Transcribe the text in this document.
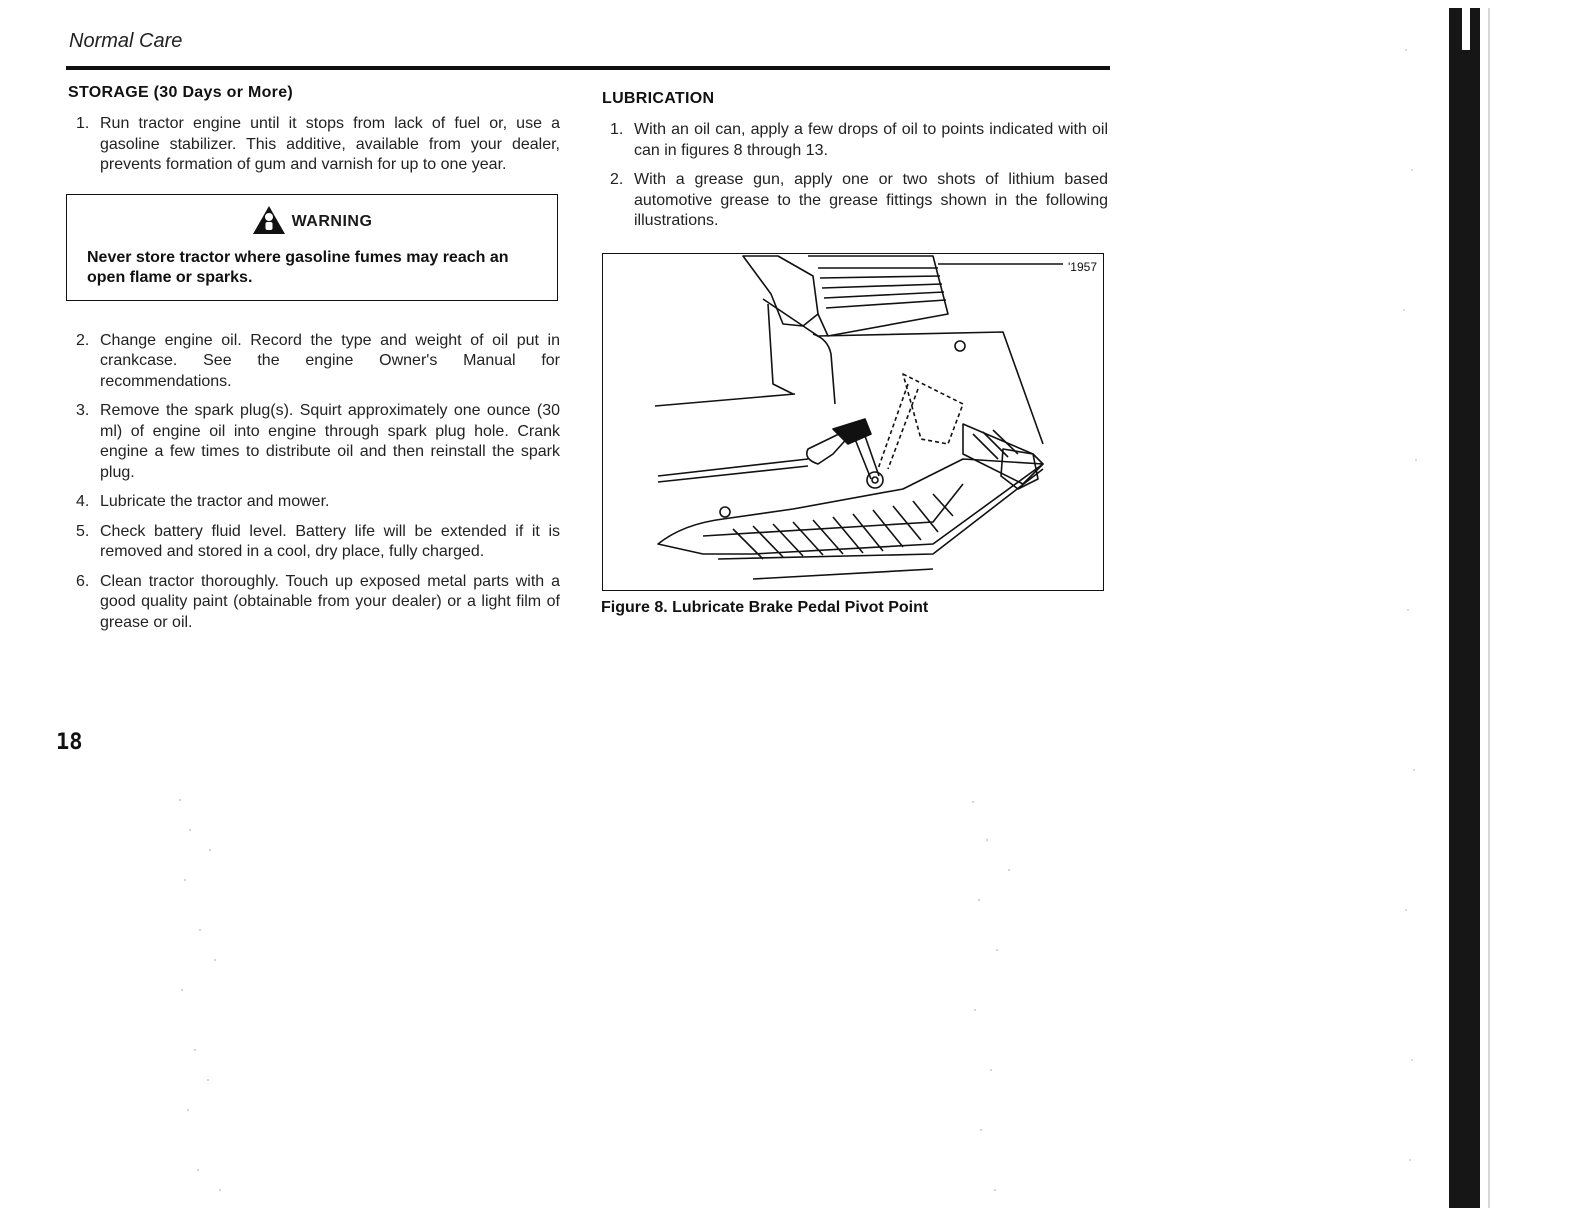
Normal Care
STORAGE (30 Days or More)
1. Run tractor engine until it stops from lack of fuel or, use a gasoline stabilizer. This additive, available from your dealer, prevents formation of gum and varnish for up to one year.
WARNING
Never store tractor where gasoline fumes may reach an open flame or sparks.
2. Change engine oil. Record the type and weight of oil put in crankcase. See the engine Owner's Manual for recommendations.
3. Remove the spark plug(s). Squirt approximately one ounce (30 ml) of engine oil into engine through spark plug hole. Crank engine a few times to distribute oil and then reinstall the spark plug.
4. Lubricate the tractor and mower.
5. Check battery fluid level. Battery life will be extended if it is removed and stored in a cool, dry place, fully charged.
6. Clean tractor thoroughly. Touch up exposed metal parts with a good quality paint (obtainable from your dealer) or a light film of grease or oil.
LUBRICATION
1. With an oil can, apply a few drops of oil to points indicated with oil can in figures 8 through 13.
2. With a grease gun, apply one or two shots of lithium based automotive grease to the grease fittings shown in the following illustrations.
'1957
Figure 8. Lubricate Brake Pedal Pivot Point
18
